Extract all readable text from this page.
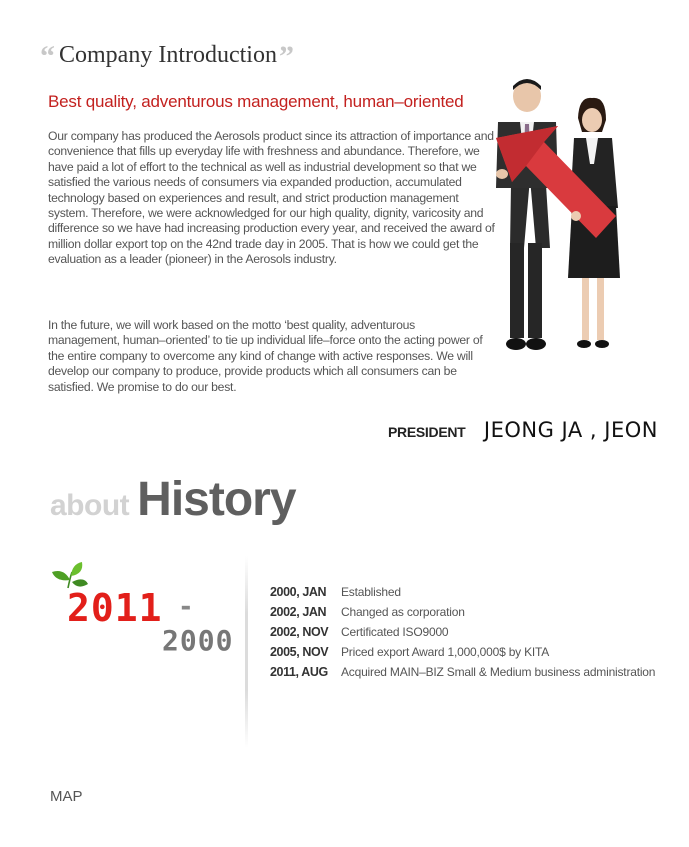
“ Company Introduction”
Best quality, adventurous management, human–oriented

Our company has produced the Aerosols product since its attraction of importance and convenience that fills up everyday life with freshness and abundance. Therefore, we have paid a lot of effort to the technical as well as industrial development so that we satisfied the various needs of consumers via expanded production, accumulated technology based on experiences and result, and strict production management system. Therefore, we were acknowledged for our high quality, dignity, varicosity and difference so we have had increasing production every year, and received the award of million dollar export top on the 42nd trade day in 2005. That is how we could get the evaluation as a leader (pioneer) in the Aerosols industry.

In the future, we will work based on the motto ‘best quality, adventurous management, human–oriented’ to tie up individual life–force onto the acting power of the entire company to overcome any kind of change with active responses. We will develop our company to produce, provide products which all consumers can be satisfied. We promise to do our best.

PRESIDENT JEONG JA , JEON
about History
2011 -
2000
2000, JAN	Established
2002, JAN	Changed as corporation
2002, NOV	Certificated ISO9000
2005, NOV	Priced export Award 1,000,000$ by KITA
2011, AUG	Acquired MAIN–BIZ Small & Medium business administration
MAP
